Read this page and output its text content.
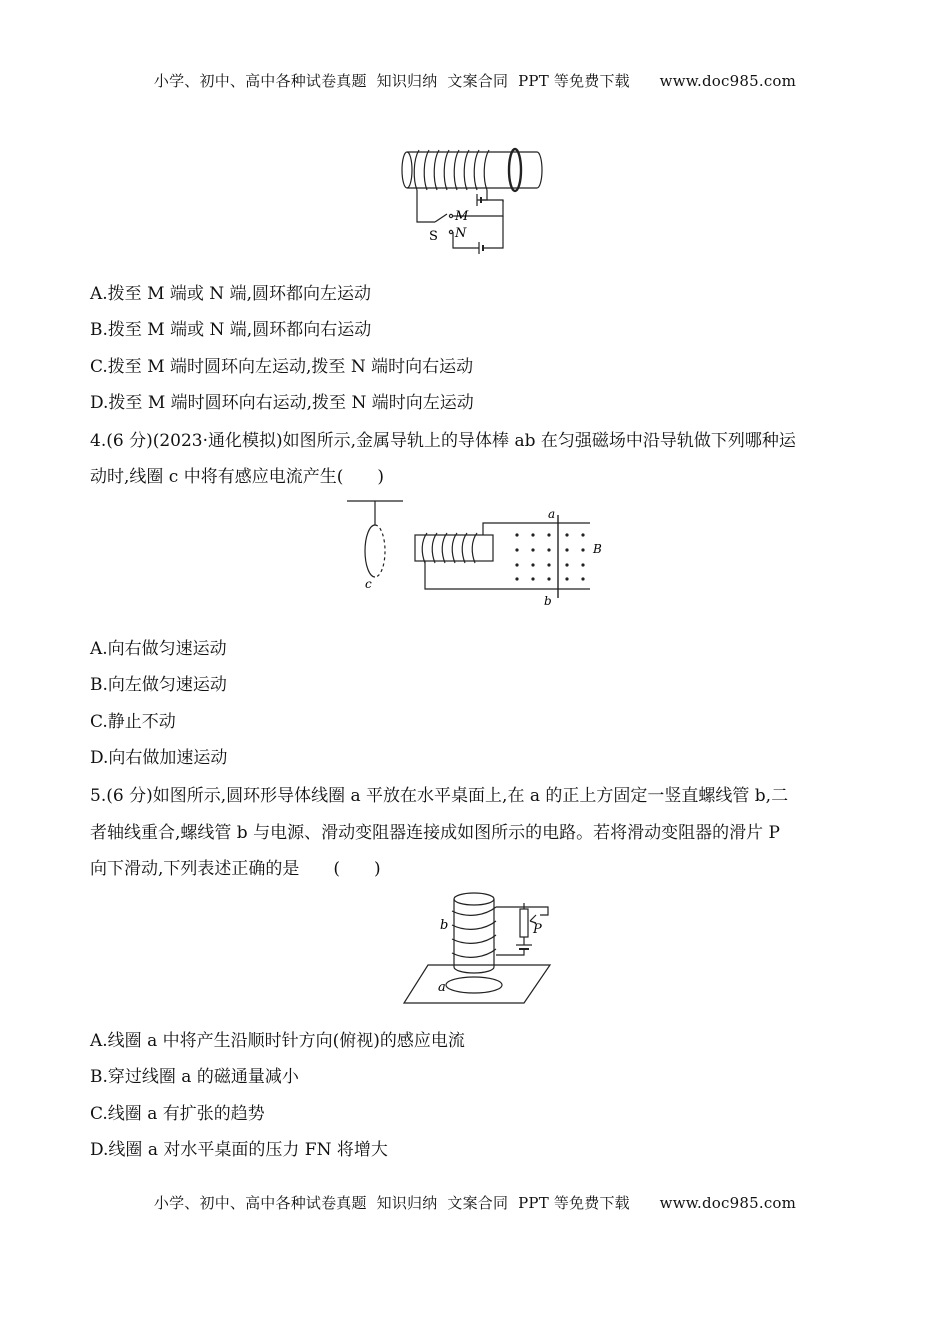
小学、初中、高中各种试卷真题  知识归纳  文案合同  PPT 等免费下载      www.doc985.com
M
N
S
A.拨至 M 端或 N 端,圆环都向左运动
B.拨至 M 端或 N 端,圆环都向右运动
C.拨至 M 端时圆环向左运动,拨至 N 端时向右运动
D.拨至 M 端时圆环向右运动,拨至 N 端时向左运动
4.(6 分)(2023·通化模拟)如图所示,金属导轨上的导体棒 ab 在匀强磁场中沿导轨做下列哪种运
动时,线圈 c 中将有感应电流产生(　　)
a
b
c
B
A.向右做匀速运动
B.向左做匀速运动
C.静止不动
D.向右做加速运动
5.(6 分)如图所示,圆环形导体线圈 a 平放在水平桌面上,在 a 的正上方固定一竖直螺线管 b,二
者轴线重合,螺线管 b 与电源、滑动变阻器连接成如图所示的电路。若将滑动变阻器的滑片 P
向下滑动,下列表述正确的是　　(　　)
b
a
P
A.线圈 a 中将产生沿顺时针方向(俯视)的感应电流
B.穿过线圈 a 的磁通量减小
C.线圈 a 有扩张的趋势
D.线圈 a 对水平桌面的压力 FN 将增大
小学、初中、高中各种试卷真题  知识归纳  文案合同  PPT 等免费下载      www.doc985.com
